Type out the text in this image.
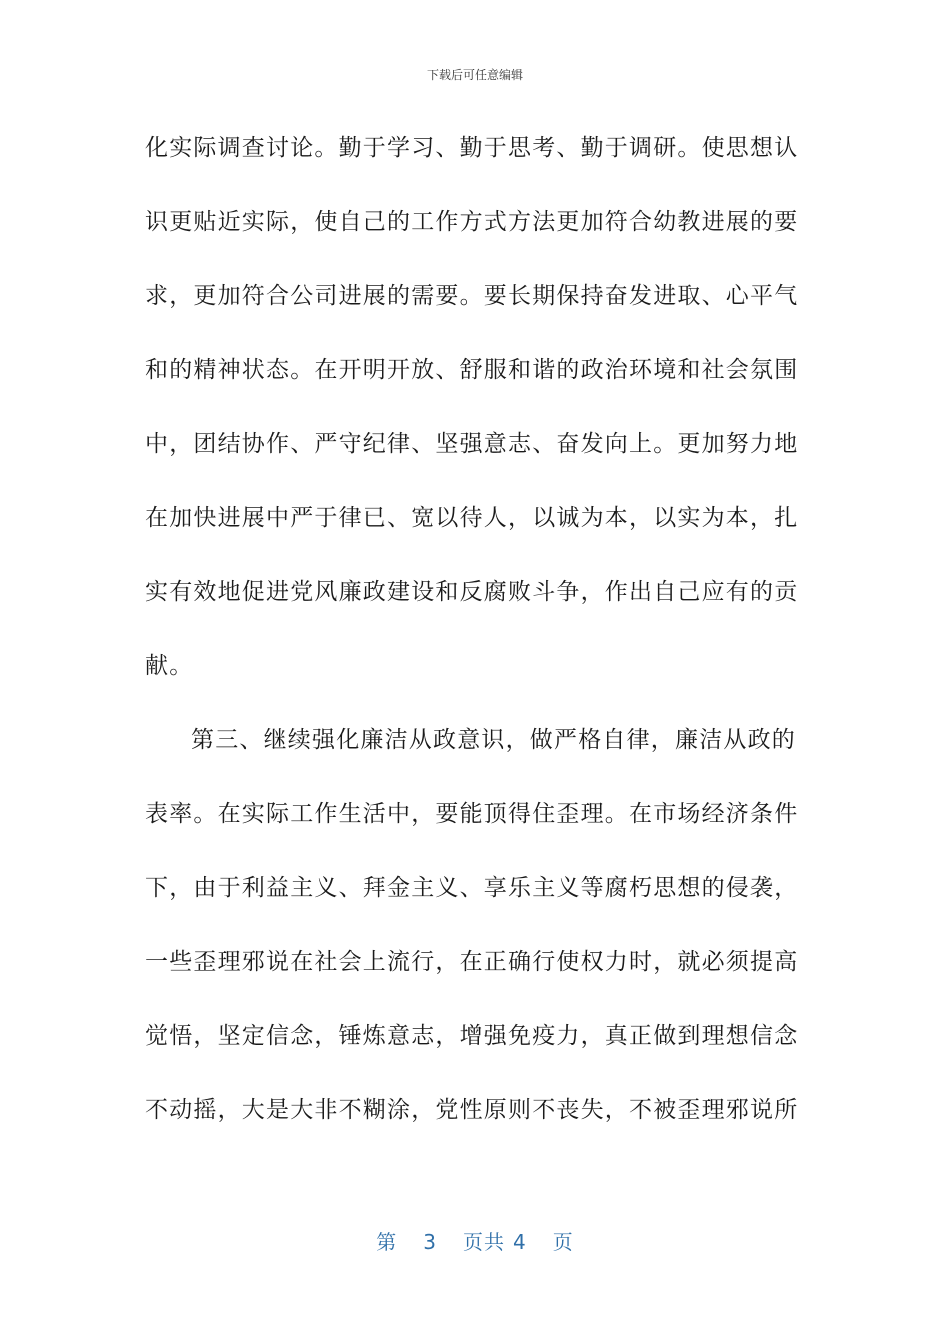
下载后可任意编辑
化实际调查讨论。勤于学习、勤于思考、勤于调研。使思想认
识更贴近实际，使自己的工作方式方法更加符合幼教进展的要
求，更加符合公司进展的需要。要长期保持奋发进取、心平气
和的精神状态。在开明开放、舒服和谐的政治环境和社会氛围
中，团结协作、严守纪律、坚强意志、奋发向上。更加努力地
在加快进展中严于律已、宽以待人，以诚为本，以实为本，扎
实有效地促进党风廉政建设和反腐败斗争，作出自己应有的贡
献。
第三、继续强化廉洁从政意识，做严格自律，廉洁从政的
表率。在实际工作生活中，要能顶得住歪理。在市场经济条件
下，由于利益主义、拜金主义、享乐主义等腐朽思想的侵袭，
一些歪理邪说在社会上流行，在正确行使权力时，就必须提高
觉悟，坚定信念，锤炼意志，增强免疫力，真正做到理想信念
不动摇，大是大非不糊涂，党性原则不丧失，不被歪理邪说所
第 3 页共 4 页
